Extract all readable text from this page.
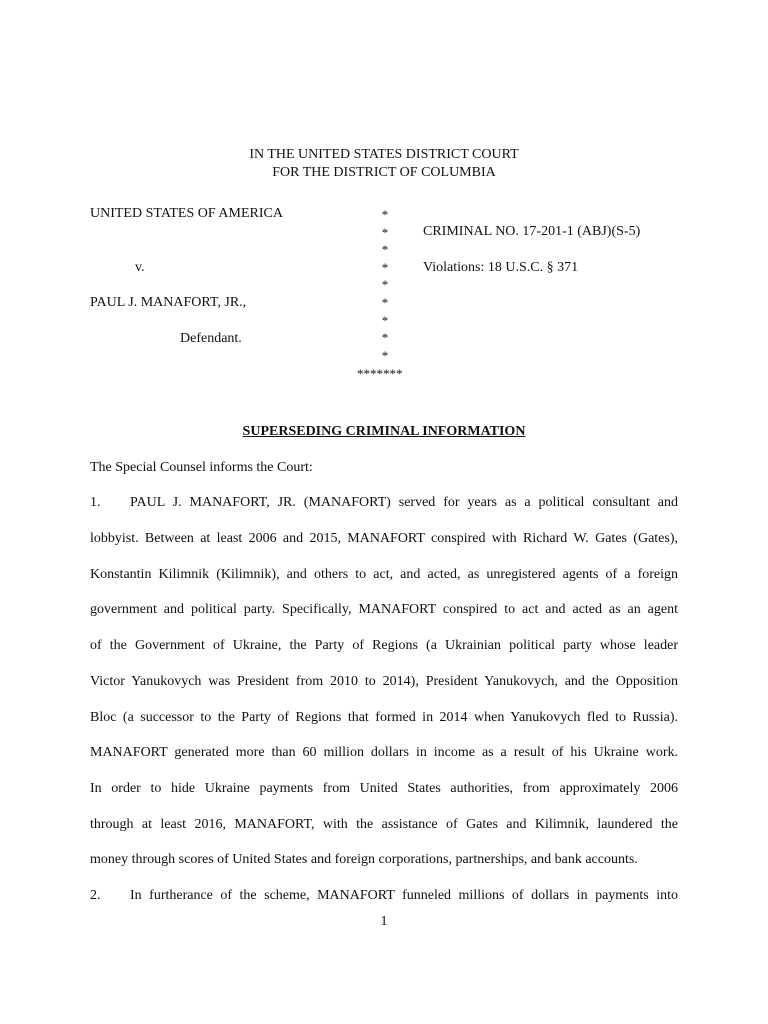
IN THE UNITED STATES DISTRICT COURT
FOR THE DISTRICT OF COLUMBIA
UNITED STATES OF AMERICA
v.
PAUL J. MANAFORT, JR.,
Defendant.
*
*
*
*
*
*
*
*
*
*******
CRIMINAL NO. 17-201-1 (ABJ)(S-5)
Violations: 18 U.S.C. § 371
SUPERSEDING CRIMINAL INFORMATION
The Special Counsel informs the Court:
1. PAUL J. MANAFORT, JR. (MANAFORT) served for years as a political consultant and
lobbyist. Between at least 2006 and 2015, MANAFORT conspired with Richard W. Gates (Gates),
Konstantin Kilimnik (Kilimnik), and others to act, and acted, as unregistered agents of a foreign
government and political party. Specifically, MANAFORT conspired to act and acted as an agent
of the Government of Ukraine, the Party of Regions (a Ukrainian political party whose leader
Victor Yanukovych was President from 2010 to 2014), President Yanukovych, and the Opposition
Bloc (a successor to the Party of Regions that formed in 2014 when Yanukovych fled to Russia).
MANAFORT generated more than 60 million dollars in income as a result of his Ukraine work.
In order to hide Ukraine payments from United States authorities, from approximately 2006
through at least 2016, MANAFORT, with the assistance of Gates and Kilimnik, laundered the
money through scores of United States and foreign corporations, partnerships, and bank accounts.
2. In furtherance of the scheme, MANAFORT funneled millions of dollars in payments into
1
